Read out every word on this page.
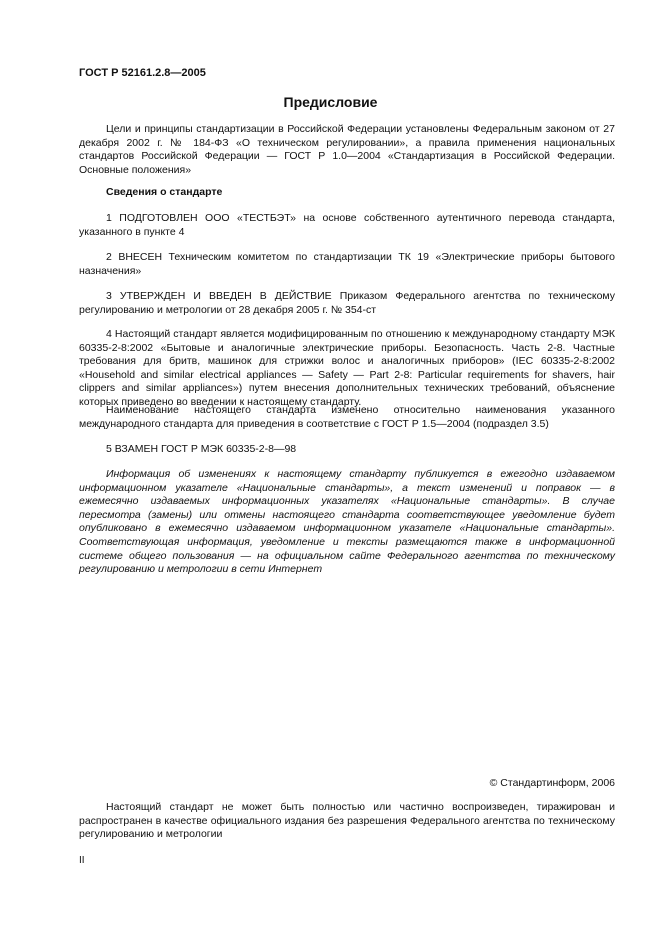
ГОСТ Р 52161.2.8—2005
Предисловие

Цели и принципы стандартизации в Российской Федерации установлены Федеральным законом от 27 декабря 2002 г. № 184-ФЗ «О техническом регулировании», а правила применения национальных стандартов Российской Федерации — ГОСТ Р 1.0—2004 «Стандартизация в Российской Федерации. Основные положения»

Сведения о стандарте

1 ПОДГОТОВЛЕН ООО «ТЕСТБЭТ» на основе собственного аутентичного перевода стандарта, указанного в пункте 4

2 ВНЕСЕН Техническим комитетом по стандартизации ТК 19 «Электрические приборы бытового назначения»

3 УТВЕРЖДЕН И ВВЕДЕН В ДЕЙСТВИЕ Приказом Федерального агентства по техническому регулированию и метрологии от 28 декабря 2005 г. № 354-ст

4 Настоящий стандарт является модифицированным по отношению к международному стандарту МЭК 60335-2-8:2002 «Бытовые и аналогичные электрические приборы. Безопасность. Часть 2-8. Частные требования для бритв, машинок для стрижки волос и аналогичных приборов» (IEC 60335-2-8:2002 «Household and similar electrical appliances — Safety — Part 2-8: Particular requirements for shavers, hair clippers and similar appliances») путем внесения дополнительных технических требований, объяснение которых приведено во введении к настоящему стандарту.

Наименование настоящего стандарта изменено относительно наименования указанного международного стандарта для приведения в соответствие с ГОСТ Р 1.5—2004 (подраздел 3.5)

5 ВЗАМЕН ГОСТ Р МЭК 60335-2-8—98

Информация об изменениях к настоящему стандарту публикуется в ежегодно издаваемом информационном указателе «Национальные стандарты», а текст изменений и поправок — в ежемесячно издаваемых информационных указателях «Национальные стандарты». В случае пересмотра (замены) или отмены настоящего стандарта соответствующее уведомление будет опубликовано в ежемесячно издаваемом информационном указателе «Национальные стандарты». Соответствующая информация, уведомление и тексты размещаются также в информационной системе общего пользования — на официальном сайте Федерального агентства по техническому регулированию и метрологии в сети Интернет

© Стандартинформ, 2006

Настоящий стандарт не может быть полностью или частично воспроизведен, тиражирован и распространен в качестве официального издания без разрешения Федерального агентства по техническому регулированию и метрологии

II
